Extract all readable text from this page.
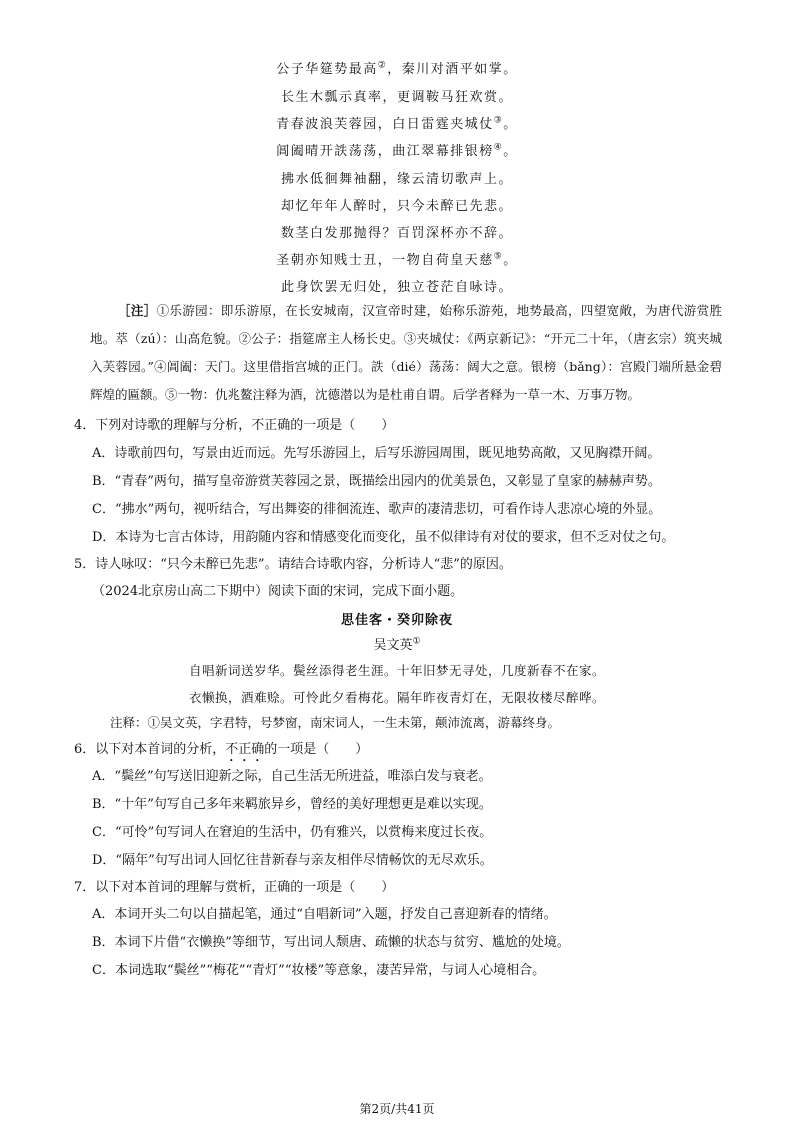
公子华筵势最高②，秦川对酒平如掌。
长生木瓢示真率，更调鞍马狂欢赏。
青春波浪芙蓉园，白日雷霆夹城仗③。
阊阖晴开詄荡荡，曲江翠幕排银榜④。
拂水低徊舞袖翻，缘云清切歌声上。
却忆年年人醉时，只今未醉已先悲。
数茎白发那抛得？百罚深杯亦不辞。
圣朝亦知贱士丑，一物自荷皇天慈⑤。
此身饮罢无归处，独立苍茫自咏诗。
［注］①乐游园：即乐游原，在长安城南，汉宣帝时建，始称乐游苑，地势最高，四望宽敞，为唐代游赏胜地。萃（zú）：山高危貌。②公子：指筵席主人杨长史。③夹城仗：《两京新记》：“开元二十年，（唐玄宗）筑夹城入芙蓉园。”④阊阖：天门。这里借指宫城的正门。詄（dié）荡荡：阔大之意。银榜（bǎng）：宫殿门端所悬金碧辉煌的匾额。⑤一物：仇兆鳌注释为酒，沈德潜以为是杜甫自谓。后学者释为一草一木、万事万物。
4．下列对诗歌的理解与分析，不正确的一项是（　　）
A．诗歌前四句，写景由近而远。先写乐游园上，后写乐游园周围，既见地势高敞，又见胸襟开阔。
B．“青春”两句，描写皇帝游赏芙蓉园之景，既描绘出园内的优美景色，又彰显了皇家的赫赫声势。
C．“拂水”两句，视听结合，写出舞姿的徘徊流连、歌声的凄清悲切，可看作诗人悲凉心境的外显。
D．本诗为七言古体诗，用韵随内容和情感变化而变化，虽不似律诗有对仗的要求，但不乏对仗之句。
5．诗人咏叹：“只今未醉已先悲”。请结合诗歌内容，分析诗人“悲”的原因。
（2024北京房山高二下期中）阅读下面的宋词，完成下面小题。
思佳客・癸卯除夜
吴文英①
自唱新词送岁华。鬓丝添得老生涯。十年旧梦无寻处，几度新春不在家。
衣懒换，酒难赊。可怜此夕看梅花。隔年昨夜青灯在，无限妆楼尽醉哗。
注释：①吴文英，字君特，号梦窗，南宋词人，一生未第，颠沛流离，游幕终身。
6．以下对本首词的分析，不正确的一项是（　　）
A．“鬓丝”句写送旧迎新之际，自己生活无所进益，唯添白发与衰老。
B．“十年”句写自己多年来羁旅异乡，曾经的美好理想更是难以实现。
C．“可怜”句写词人在窘迫的生活中，仍有雅兴，以赏梅来度过长夜。
D．“隔年”句写出词人回忆往昔新春与亲友相伴尽情畅饮的无尽欢乐。
7．以下对本首词的理解与赏析，正确的一项是（　　）
A．本词开头二句以自描起笔，通过“自唱新词”入题，抒发自己喜迎新春的情绪。
B．本词下片借“衣懒换”等细节，写出词人颓唐、疏懒的状态与贫穷、尴尬的处境。
C．本词选取“鬓丝”“梅花”“青灯”“妆楼”等意象，凄苦异常，与词人心境相合。
第2页/共41页
